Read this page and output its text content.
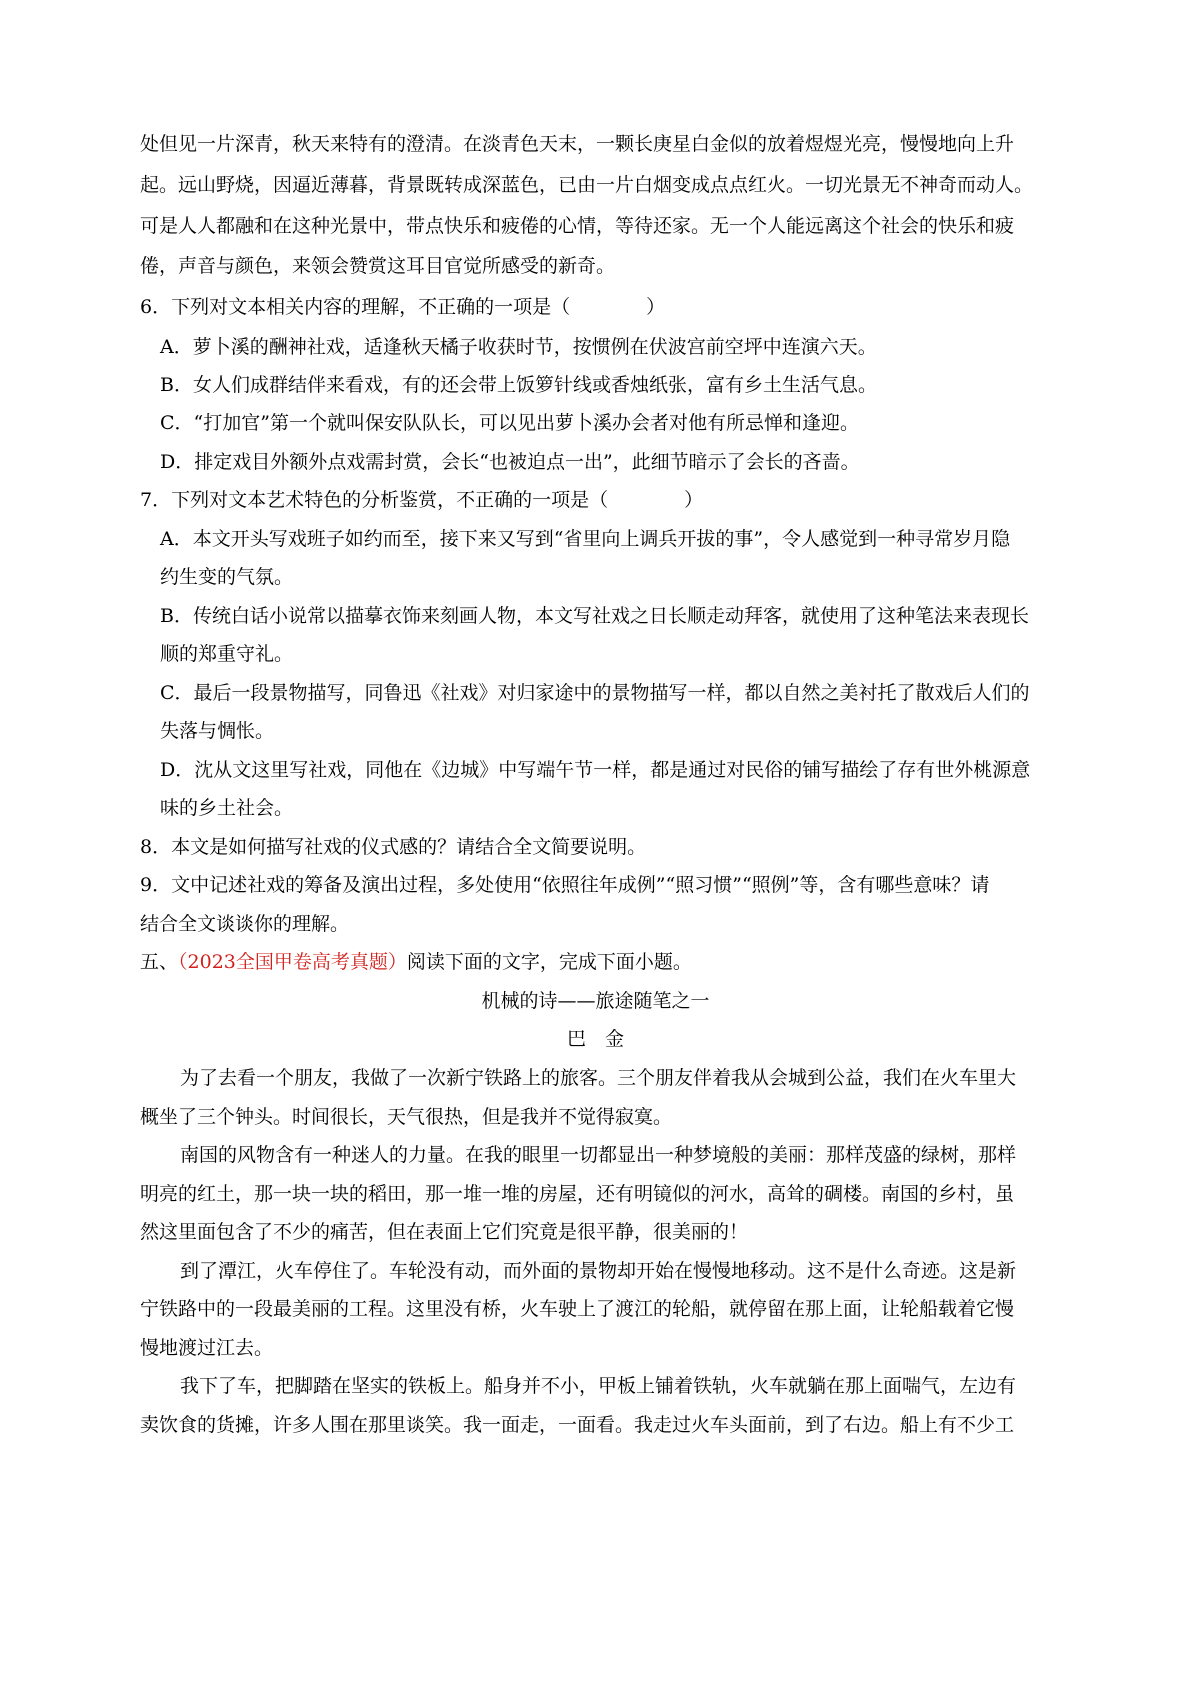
处但见一片深青，秋天来特有的澄清。在淡青色天末，一颗长庚星白金似的放着煜煜光亮，慢慢地向上升
起。远山野烧，因逼近薄暮，背景既转成深蓝色，已由一片白烟变成点点红火。一切光景无不神奇而动人。
可是人人都融和在这种光景中，带点快乐和疲倦的心情，等待还家。无一个人能远离这个社会的快乐和疲
倦，声音与颜色，来领会赞赏这耳目官觉所感受的新奇。
6．下列对文本相关内容的理解，不正确的一项是（　　　　）
A．萝卜溪的酬神社戏，适逢秋天橘子收获时节，按惯例在伏波宫前空坪中连演六天。
B．女人们成群结伴来看戏，有的还会带上饭箩针线或香烛纸张，富有乡土生活气息。
C．“打加官”第一个就叫保安队队长，可以见出萝卜溪办会者对他有所忌惮和逢迎。
D．排定戏目外额外点戏需封赏，会长“也被迫点一出”，此细节暗示了会长的吝啬。
7．下列对文本艺术特色的分析鉴赏，不正确的一项是（　　　　）
A．本文开头写戏班子如约而至，接下来又写到“省里向上调兵开拔的事”，令人感觉到一种寻常岁月隐
约生变的气氛。
B．传统白话小说常以描摹衣饰来刻画人物，本文写社戏之日长顺走动拜客，就使用了这种笔法来表现长
顺的郑重守礼。
C．最后一段景物描写，同鲁迅《社戏》对归家途中的景物描写一样，都以自然之美衬托了散戏后人们的
失落与惆怅。
D．沈从文这里写社戏，同他在《边城》中写端午节一样，都是通过对民俗的铺写描绘了存有世外桃源意
味的乡土社会。
8．本文是如何描写社戏的仪式感的？请结合全文简要说明。
9．文中记述社戏的筹备及演出过程，多处使用“依照往年成例”“照习惯”“照例”等，含有哪些意味？请
结合全文谈谈你的理解。
五、（2023全国甲卷高考真题）阅读下面的文字，完成下面小题。
机械的诗——旅途随笔之一
巴　金
为了去看一个朋友，我做了一次新宁铁路上的旅客。三个朋友伴着我从会城到公益，我们在火车里大
概坐了三个钟头。时间很长，天气很热，但是我并不觉得寂寞。
南国的风物含有一种迷人的力量。在我的眼里一切都显出一种梦境般的美丽：那样茂盛的绿树，那样
明亮的红土，那一块一块的稻田，那一堆一堆的房屋，还有明镜似的河水，高耸的碉楼。南国的乡村，虽
然这里面包含了不少的痛苦，但在表面上它们究竟是很平静，很美丽的！
到了潭江，火车停住了。车轮没有动，而外面的景物却开始在慢慢地移动。这不是什么奇迹。这是新
宁铁路中的一段最美丽的工程。这里没有桥，火车驶上了渡江的轮船，就停留在那上面，让轮船载着它慢
慢地渡过江去。
我下了车，把脚踏在坚实的铁板上。船身并不小，甲板上铺着铁轨，火车就躺在那上面喘气，左边有
卖饮食的货摊，许多人围在那里谈笑。我一面走，一面看。我走过火车头面前，到了右边。船上有不少工
